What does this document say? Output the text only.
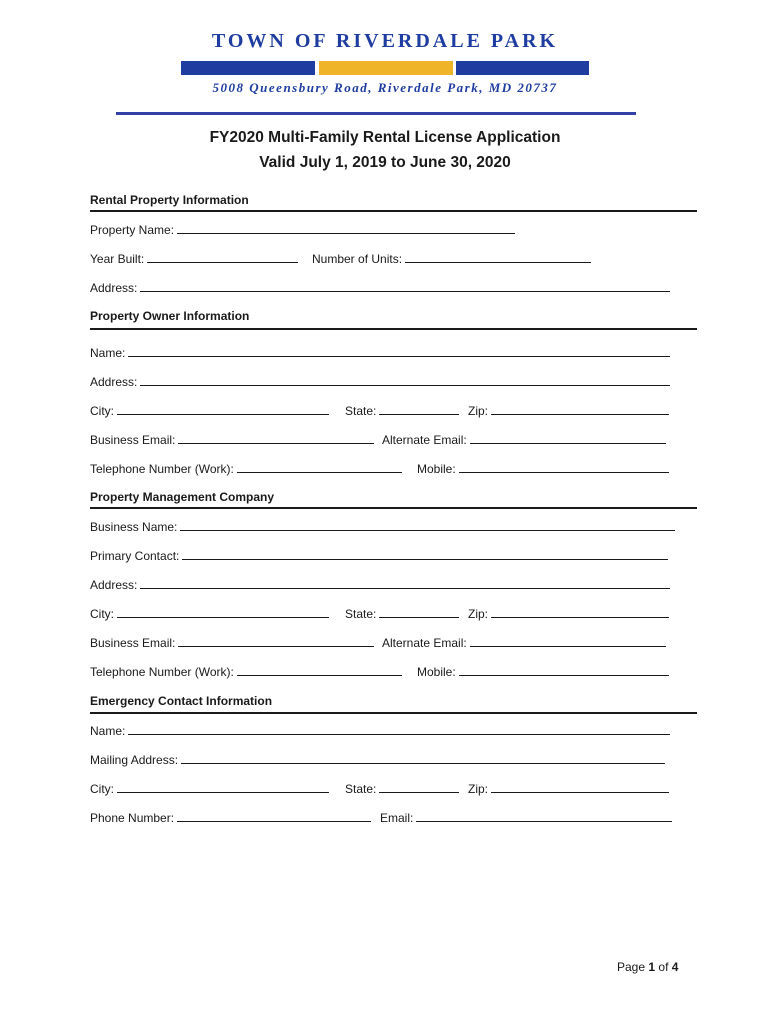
TOWN OF RIVERDALE PARK
5008 Queensbury Road, Riverdale Park, MD 20737
FY2020 Multi-Family Rental License Application
Valid July 1, 2019 to June 30, 2020
Rental Property Information
Property Name:
Year Built:	Number of Units:
Address:
Property Owner Information
Name:
Address:
City:	State:	Zip:
Business Email:	Alternate Email:
Telephone Number (Work):	Mobile:
Property Management Company
Business Name:
Primary Contact:
Address:
City:	State:	Zip:
Business Email:	Alternate Email:
Telephone Number (Work):	Mobile:
Emergency Contact Information
Name:
Mailing Address:
City:	State:	Zip:
Phone Number:	Email:
Page 1 of 4
